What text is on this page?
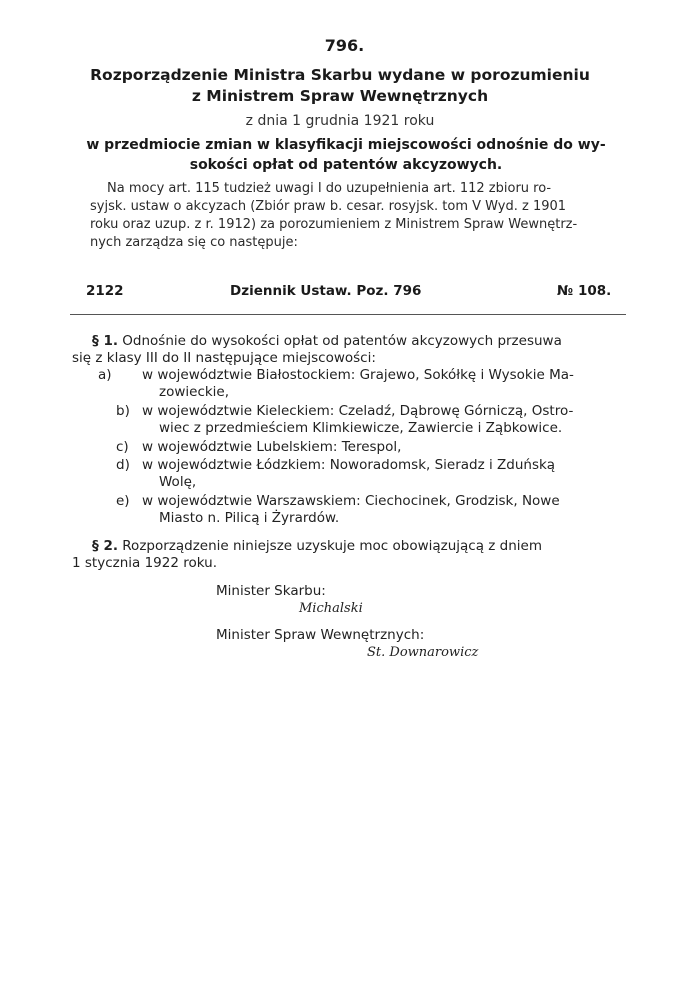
796.
Rozporządzenie Ministra Skarbu wydane w porozumieniu
z Ministrem Spraw Wewnętrznych
z dnia 1 grudnia 1921 roku
w przedmiocie zmian w klasyfikacji miejscowości odnośnie do wy-
sokości opłat od patentów akcyzowych.
Na mocy art. 115 tudzież uwagi I do uzupełnienia art. 112 zbioru ro-
syjsk. ustaw o akcyzach (Zbiór praw b. cesar. rosyjsk. tom V Wyd. z 1901
roku oraz uzup. z r. 1912) za porozumieniem z Ministrem Spraw Wewnętrz-
nych zarządza się co następuje:
2122	Dziennik Ustaw. Poz. 796	№ 108.
§ 1. Odnośnie do wysokości opłat od patentów akcyzowych przesuwa
się z klasy III do II następujące miejscowości:
a) w województwie Białostockiem: Grajewo, Sokółkę i Wysokie Ma-
zowieckie,
b) w województwie Kieleckiem: Czeladź, Dąbrowę Górniczą, Ostro-
wiec z przedmieściem Klimkiewicze, Zawiercie i Ząbkowice.
c) w województwie Lubelskiem: Terespol,
d) w województwie Łódzkiem: Noworadomsk, Sieradz i Zduńską
Wolę,
e) w województwie Warszawskiem: Ciechocinek, Grodzisk, Nowe
Miasto n. Pilicą i Żyrardów.
§ 2. Rozporządzenie niniejsze uzyskuje moc obowiązującą z dniem
1 stycznia 1922 roku.
Minister Skarbu:
Michalski
Minister Spraw Wewnętrznych:
St. Downarowicz
